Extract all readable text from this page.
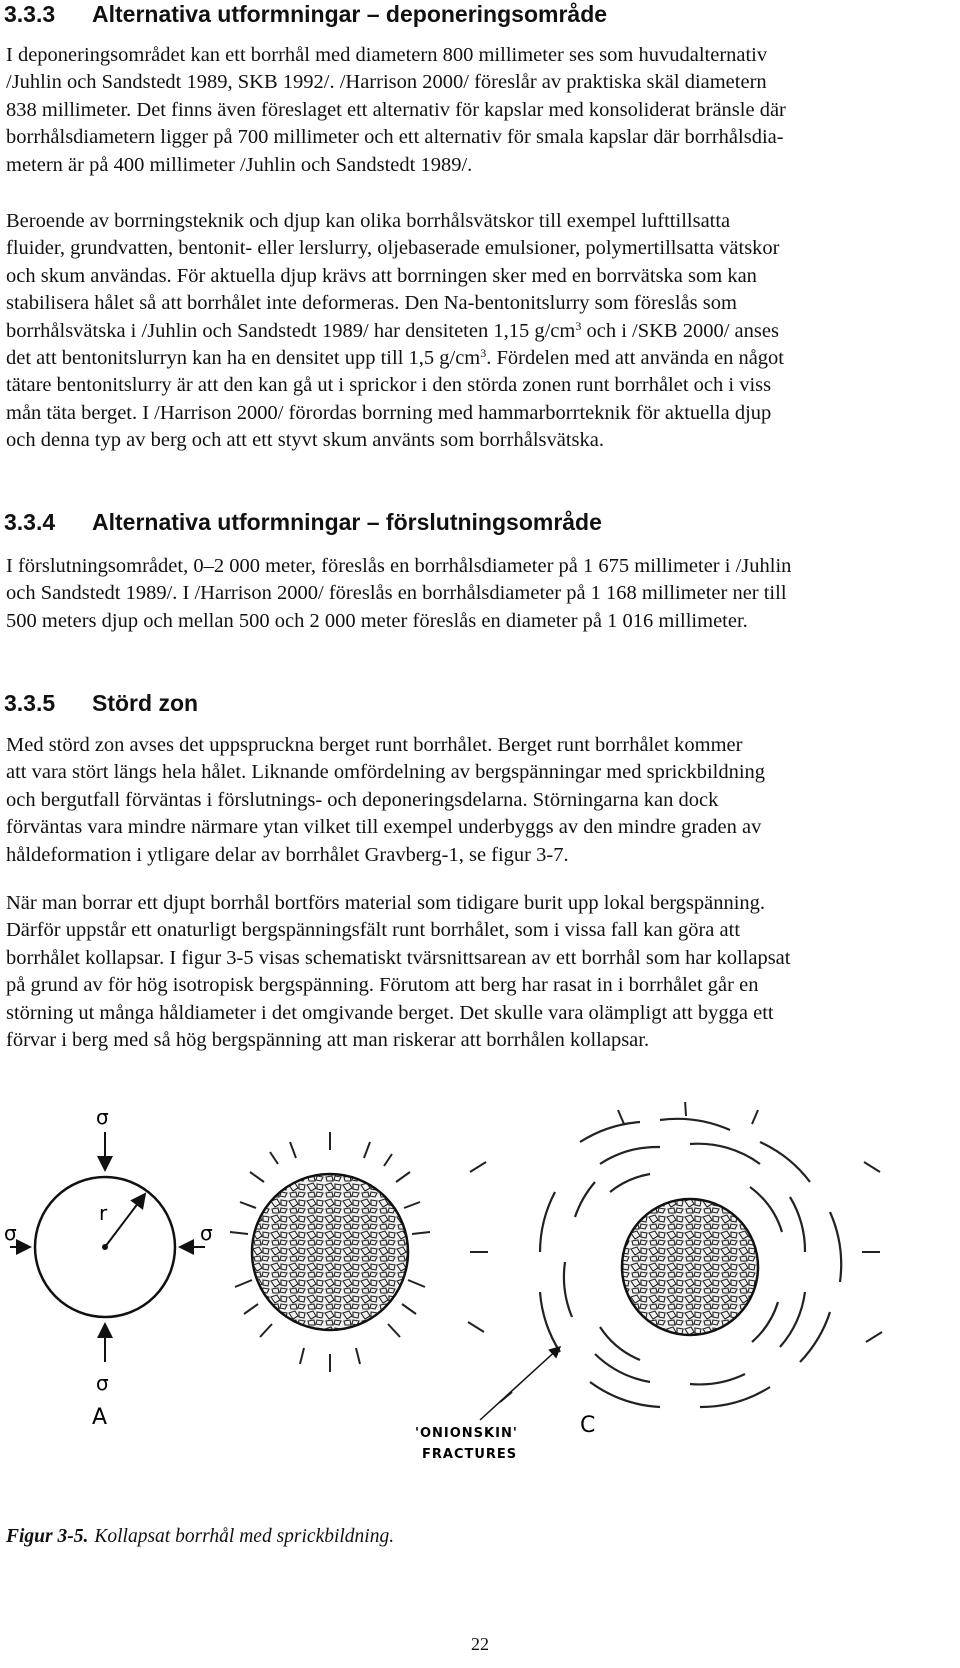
3.3.3 Alternativa utformningar – deponeringsområde

I deponeringsområdet kan ett borrhål med diametern 800 millimeter ses som huvudalternativ
/Juhlin och Sandstedt 1989, SKB 1992/. /Harrison 2000/ föreslår av praktiska skäl diametern
838 millimeter. Det finns även föreslaget ett alternativ för kapslar med konsoliderat bränsle där
borrhålsdiametern ligger på 700 millimeter och ett alternativ för smala kapslar där borrhålsdia-
metern är på 400 millimeter /Juhlin och Sandstedt 1989/.

Beroende av borrningsteknik och djup kan olika borrhålsvätskor till exempel lufttillsatta
fluider, grundvatten, bentonit- eller lerslurry, oljebaserade emulsioner, polymertillsatta vätskor
och skum användas. För aktuella djup krävs att borrningen sker med en borrvätska som kan
stabilisera hålet så att borrhålet inte deformeras. Den Na-bentonitslurry som föreslås som
borrhålsvätska i /Juhlin och Sandstedt 1989/ har densiteten 1,15 $g/cm^3$ och i /SKB 2000/ anses
det att bentonitslurryn kan ha en densitet upp till 1,5 $g/cm^3$. Fördelen med att använda en något
tätare bentonitslurry är att den kan gå ut i sprickor i den störda zonen runt borrhålet och i viss
mån täta berget. I /Harrison 2000/ förordas borrning med hammarborrteknik för aktuella djup
och denna typ av berg och att ett styvt skum använts som borrhålsvätska.

3.3.4 Alternativa utformningar – förslutningsområde

I förslutningsområdet, 0–2 000 meter, föreslås en borrhålsdiameter på 1 675 millimeter i /Juhlin
och Sandstedt 1989/. I /Harrison 2000/ föreslås en borrhålsdiameter på 1 168 millimeter ner till
500 meters djup och mellan 500 och 2 000 meter föreslås en diameter på 1 016 millimeter.

3.3.5 Störd zon

Med störd zon avses det uppspruckna berget runt borrhålet. Berget runt borrhålet kommer
att vara stört längs hela hålet. Liknande omfördelning av bergspänningar med sprickbildning
och bergutfall förväntas i förslutnings- och deponeringsdelarna. Störningarna kan dock
förväntas vara mindre närmare ytan vilket till exempel underbyggs av den mindre graden av
håldeformation i ytligare delar av borrhålet Gravberg-1, se figur 3-7.

När man borrar ett djupt borrhål bortförs material som tidigare burit upp lokal bergspänning.
Därför uppstår ett onaturligt bergspänningsfält runt borrhålet, som i vissa fall kan göra att
borrhålet kollapsar. I figur 3-5 visas schematiskt tvärsnittsarean av ett borrhål som har kollapsat
på grund av för hög isotropisk bergspänning. Förutom att berg har rasat in i borrhålet går en
störning ut många håldiameter i det omgivande berget. Det skulle vara olämpligt att bygga ett
förvar i berg med så hög bergspänning att man riskerar att borrhålen kollapsar.

r
σ
σ
σ	σ
A
'ONIONSKIN'
FRACTURES
C

Figur 3-5. Kollapsat borrhål med sprickbildning.

22
